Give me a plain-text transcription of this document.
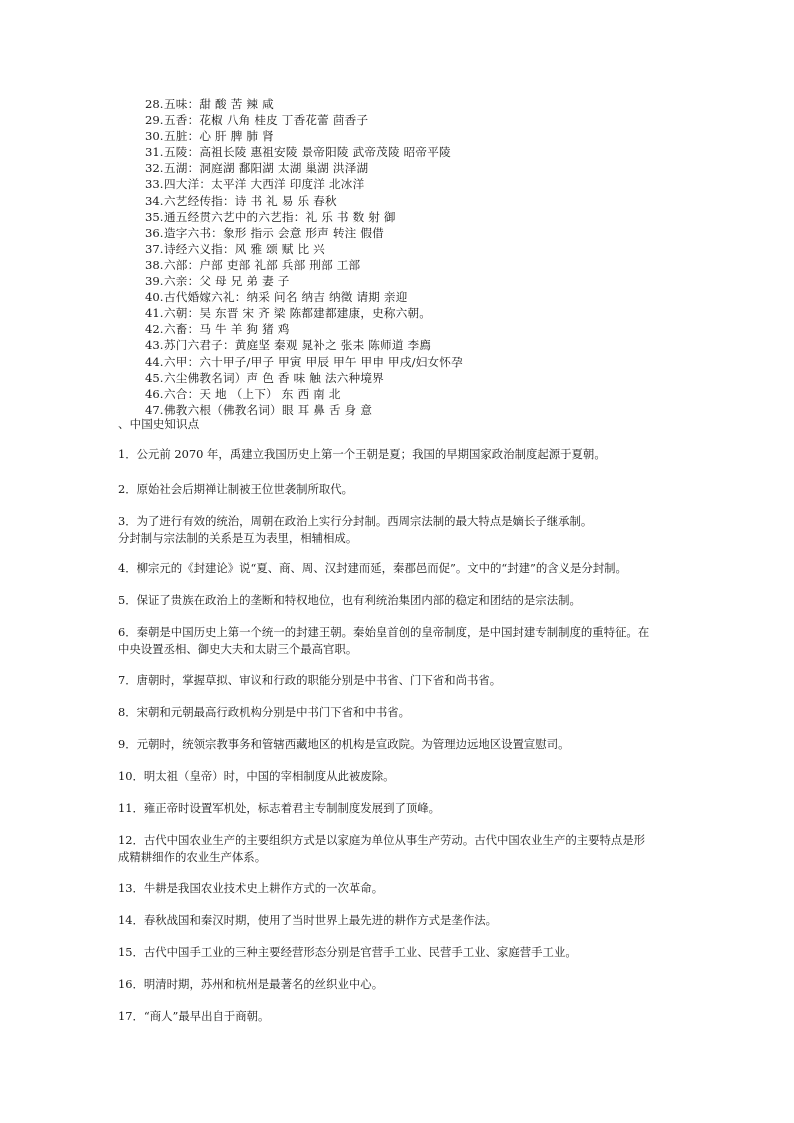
28.五味：甜 酸 苦 辣 咸
29.五香：花椒 八角 桂皮 丁香花蕾 茴香子
30.五脏：心 肝 脾 肺 肾
31.五陵：高祖长陵 惠祖安陵 景帝阳陵 武帝茂陵 昭帝平陵
32.五湖：洞庭湖 鄱阳湖 太湖 巢湖 洪泽湖
33.四大洋：太平洋 大西洋 印度洋 北冰洋
34.六艺经传指：诗 书 礼 易 乐 春秋
35.通五经贯六艺中的六艺指：礼 乐 书 数 射 御
36.造字六书：象形 指示 会意 形声 转注 假借
37.诗经六义指：风 雅 颂 赋 比 兴
38.六部：户部 吏部 礼部 兵部 刑部 工部
39.六亲：父 母 兄 弟 妻 子
40.古代婚嫁六礼：纳采 问名 纳吉 纳徵 请期 亲迎
41.六朝：吴 东晋 宋 齐 梁 陈都建都建康，史称六朝。
42.六畜：马 牛 羊 狗 猪 鸡
43.苏门六君子：黄庭坚 秦观 晁补之 张耒 陈师道 李廌
44.六甲：六十甲子/甲子 甲寅 甲辰 甲午 甲申 甲戌/妇女怀孕
45.六尘佛教名词）声 色 香 味 触 法六种境界
46.六合：天 地 （上下） 东 西 南 北
47.佛教六根（佛教名词）眼 耳 鼻 舌 身 意
、中国史知识点
1．公元前 2070 年，禹建立我国历史上第一个王朝是夏；我国的早期国家政治制度起源于夏朝。
2．原始社会后期禅让制被王位世袭制所取代。
3．为了进行有效的统治，周朝在政治上实行分封制。西周宗法制的最大特点是嫡长子继承制。
分封制与宗法制的关系是互为表里，相辅相成。
4．柳宗元的《封建论》说“夏、商、周、汉封建而延，秦郡邑而促”。文中的“封建”的含义是分封制。
5．保证了贵族在政治上的垄断和特权地位，也有利统治集团内部的稳定和团结的是宗法制。
6．秦朝是中国历史上第一个统一的封建王朝。秦始皇首创的皇帝制度，是中国封建专制制度的重特征。在
中央设置丞相、御史大夫和太尉三个最高官职。
7．唐朝时，掌握草拟、审议和行政的职能分别是中书省、门下省和尚书省。
8．宋朝和元朝最高行政机构分别是中书门下省和中书省。
9．元朝时，统领宗教事务和管辖西藏地区的机构是宣政院。为管理边远地区设置宣慰司。
10．明太祖（皇帝）时，中国的宰相制度从此被废除。
11．雍正帝时设置军机处，标志着君主专制制度发展到了顶峰。
12．古代中国农业生产的主要组织方式是以家庭为单位从事生产劳动。古代中国农业生产的主要特点是形
成精耕细作的农业生产体系。
13．牛耕是我国农业技术史上耕作方式的一次革命。
14．春秋战国和秦汉时期，使用了当时世界上最先进的耕作方式是垄作法。
15．古代中国手工业的三种主要经营形态分别是官营手工业、民营手工业、家庭营手工业。
16．明清时期，苏州和杭州是最著名的丝织业中心。
17．“商人”最早出自于商朝。
